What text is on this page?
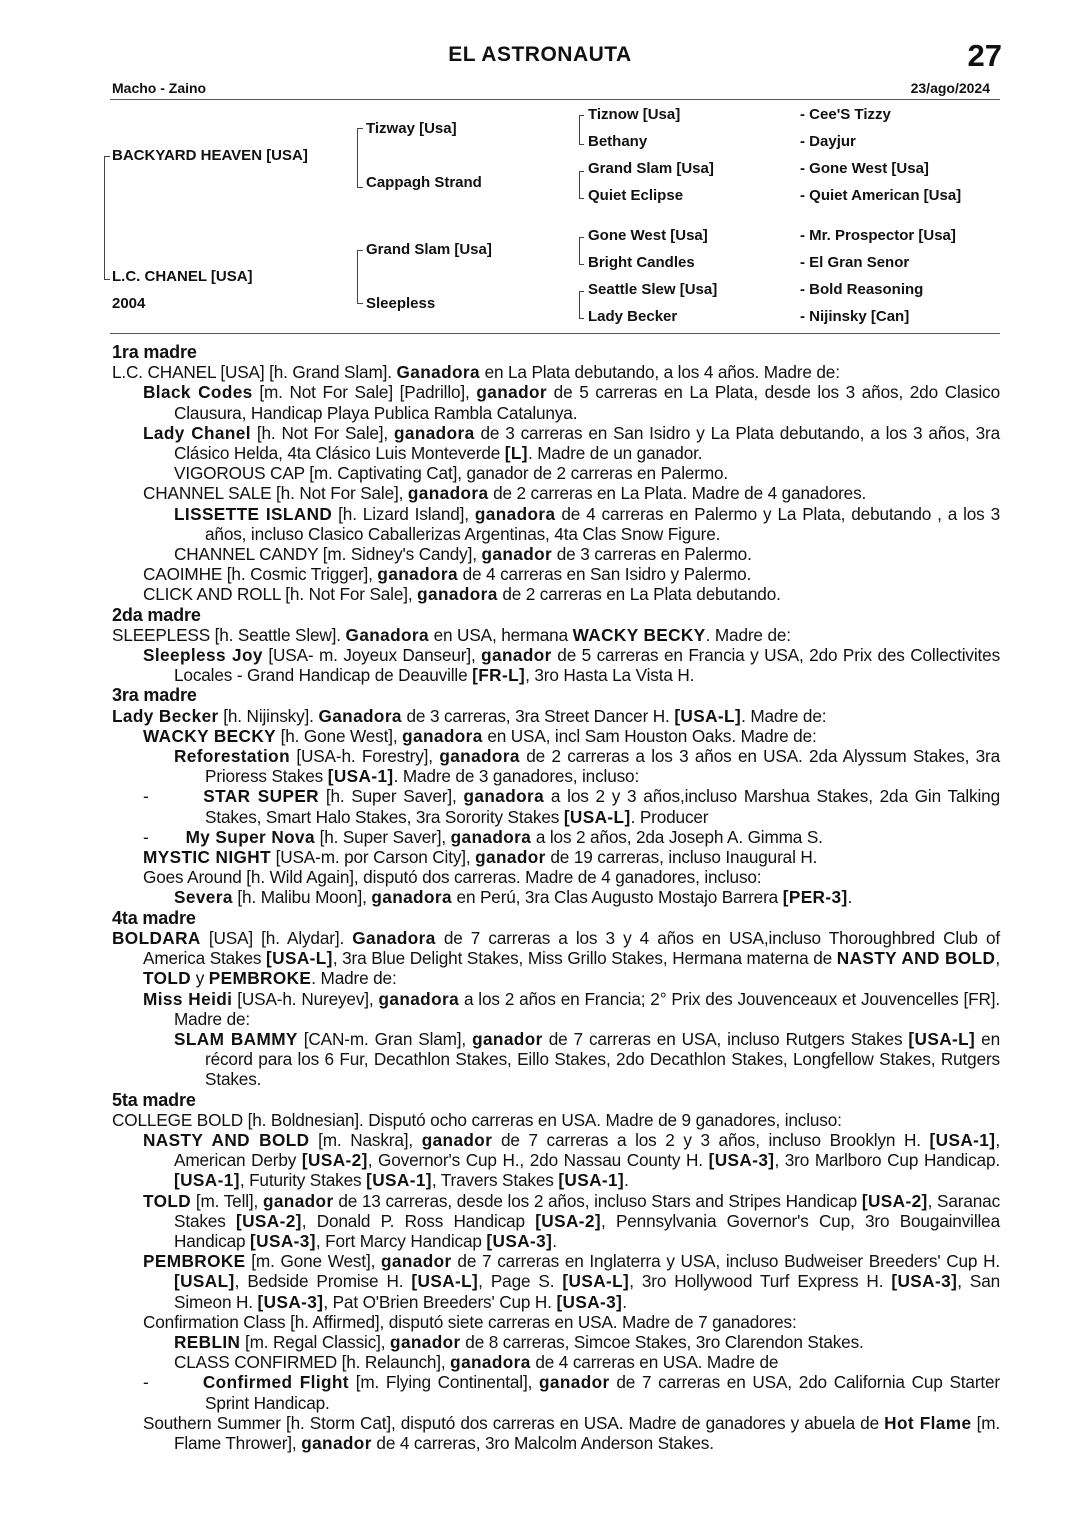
EL ASTRONAUTA	27
Macho - Zaino	23/ago/2024
BACKYARD HEAVEN [USA]
L.C. CHANEL [USA]
2004
Tizway [Usa]
Cappagh Strand
Grand Slam [Usa]
Sleepless
Tiznow [Usa]
Bethany
Grand Slam [Usa]
Quiet Eclipse
Gone West [Usa]
Bright Candles
Seattle Slew [Usa]
Lady Becker
- Cee'S Tizzy
- Dayjur
- Gone West [Usa]
- Quiet American [Usa]
- Mr. Prospector [Usa]
- El Gran Senor
- Bold Reasoning
- Nijinsky [Can]

1ra madre

L.C. CHANEL [USA] [h. Grand Slam]. Ganadora en La Plata debutando, a los 4 años. Madre de:

Black Codes [m. Not For Sale] [Padrillo], ganador de 5 carreras en La Plata, desde los 3 años, 2do Clasico Clausura, Handicap Playa Publica Rambla Catalunya.

Lady Chanel [h. Not For Sale], ganadora de 3 carreras en San Isidro y La Plata debutando, a los 3 años, 3ra Clásico Helda, 4ta Clásico Luis Monteverde [L]. Madre de un ganador.

VIGOROUS CAP [m. Captivating Cat], ganador de 2 carreras en Palermo.

CHANNEL SALE [h. Not For Sale], ganadora de 2 carreras en La Plata. Madre de 4 ganadores.

LISSETTE ISLAND [h. Lizard Island], ganadora de 4 carreras en Palermo y La Plata, debutando , a los 3 años, incluso Clasico Caballerizas Argentinas, 4ta Clas Snow Figure.

CHANNEL CANDY [m. Sidney's Candy], ganador de 3 carreras en Palermo.

CAOIMHE [h. Cosmic Trigger], ganadora de 4 carreras en San Isidro y Palermo.

CLICK AND ROLL [h. Not For Sale], ganadora de 2 carreras en La Plata debutando.

2da madre

SLEEPLESS [h. Seattle Slew]. Ganadora en USA, hermana WACKY BECKY. Madre de:

Sleepless Joy [USA- m. Joyeux Danseur], ganador de 5 carreras en Francia y USA, 2do Prix des Collectivites Locales - Grand Handicap de Deauville [FR-L], 3ro Hasta La Vista H.

3ra madre

Lady Becker [h. Nijinsky]. Ganadora de 3 carreras, 3ra Street Dancer H. [USA-L]. Madre de:

WACKY BECKY [h. Gone West], ganadora en USA, incl Sam Houston Oaks. Madre de:

Reforestation [USA-h. Forestry], ganadora de 2 carreras a los 3 años en USA. 2da Alyssum Stakes, 3ra Prioress Stakes [USA-1]. Madre de 3 ganadores, incluso:

-        STAR SUPER [h. Super Saver], ganadora a los 2 y 3 años,incluso Marshua Stakes, 2da Gin Talking Stakes, Smart Halo Stakes, 3ra Sorority Stakes [USA-L]. Producer

-        My Super Nova [h. Super Saver], ganadora a los 2 años, 2da Joseph A. Gimma S.

MYSTIC NIGHT [USA-m. por Carson City], ganador de 19 carreras, incluso Inaugural H.

Goes Around [h. Wild Again], disputó dos carreras. Madre de 4 ganadores, incluso:

Severa [h. Malibu Moon], ganadora en Perú, 3ra Clas Augusto Mostajo Barrera [PER-3].

4ta madre

BOLDARA [USA] [h. Alydar]. Ganadora de 7 carreras a los 3 y 4 años en USA,incluso Thoroughbred Club of America Stakes [USA-L], 3ra Blue Delight Stakes, Miss Grillo Stakes, Hermana materna de NASTY AND BOLD, TOLD y PEMBROKE. Madre de:

Miss Heidi [USA-h. Nureyev], ganadora a los 2 años en Francia; 2° Prix des Jouvenceaux et Jouvencelles [FR]. Madre de:

SLAM BAMMY [CAN-m. Gran Slam], ganador de 7 carreras en USA, incluso Rutgers Stakes [USA-L] en récord para los 6 Fur, Decathlon Stakes, Eillo Stakes, 2do Decathlon Stakes, Longfellow Stakes, Rutgers Stakes.

5ta madre

COLLEGE BOLD [h. Boldnesian]. Disputó ocho carreras en USA. Madre de 9 ganadores, incluso:

NASTY AND BOLD [m. Naskra], ganador de 7 carreras a los 2 y 3 años, incluso Brooklyn H. [USA-1], American Derby [USA-2], Governor's Cup H., 2do Nassau County H. [USA-3], 3ro Marlboro Cup Handicap. [USA-1], Futurity Stakes [USA-1], Travers Stakes [USA-1].

TOLD [m. Tell], ganador de 13 carreras, desde los 2 años, incluso Stars and Stripes Handicap [USA-2], Saranac Stakes [USA-2], Donald P. Ross Handicap [USA-2], Pennsylvania Governor's Cup, 3ro Bougainvillea Handicap [USA-3], Fort Marcy Handicap [USA-3].

PEMBROKE [m. Gone West], ganador de 7 carreras en Inglaterra y USA, incluso Budweiser Breeders' Cup H. [USAL], Bedside Promise H. [USA-L], Page S. [USA-L], 3ro Hollywood Turf Express H. [USA-3], San Simeon H. [USA-3], Pat O'Brien Breeders' Cup H. [USA-3].

Confirmation Class [h. Affirmed], disputó siete carreras en USA. Madre de 7 ganadores:

REBLIN [m. Regal Classic], ganador de 8 carreras, Simcoe Stakes, 3ro Clarendon Stakes.

CLASS CONFIRMED [h. Relaunch], ganadora de 4 carreras en USA. Madre de

-        Confirmed Flight [m. Flying Continental], ganador de 7 carreras en USA, 2do California Cup Starter Sprint Handicap.

Southern Summer [h. Storm Cat], disputó dos carreras en USA. Madre de ganadores y abuela de Hot Flame [m. Flame Thrower], ganador de 4 carreras, 3ro Malcolm Anderson Stakes.
